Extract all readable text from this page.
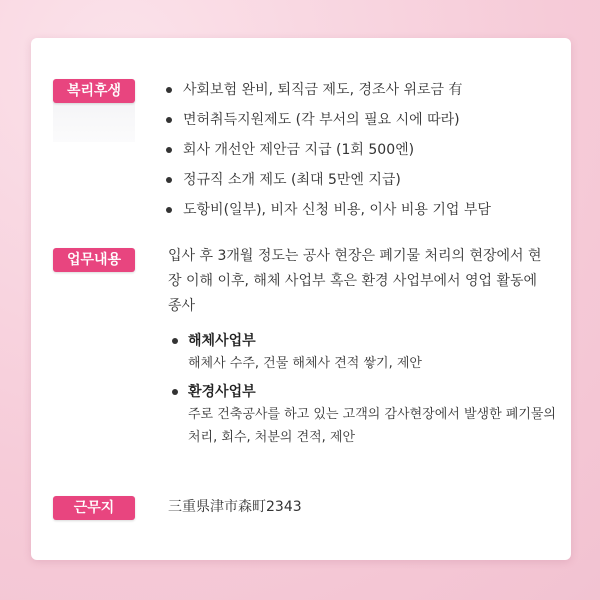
복리후생	사회보험 완비, 퇴직금 제도, 경조사 위로금 有
면허취득지원제도 (각 부서의 필요 시에 따라)
회사 개선안 제안금 지급 (1회 500엔)
정규직 소개 제도 (최대 5만엔 지급)
도항비(일부), 비자 신청 비용, 이사 비용 기업 부담
업무내용	입사 후 3개월 정도는 공사 현장은 폐기물 처리의 현장에서 현장 이해 이후, 해체 사업부 혹은 환경 사업부에서 영업 활동에 종사

해체사업부
해체사 수주, 건물 해체사 견적 쌓기, 제안
환경사업부
주로 건축공사를 하고 있는 고객의 감사현장에서 발생한 폐기물의 처리, 회수, 처분의 견적, 제안
근무지	三重県津市森町2343
